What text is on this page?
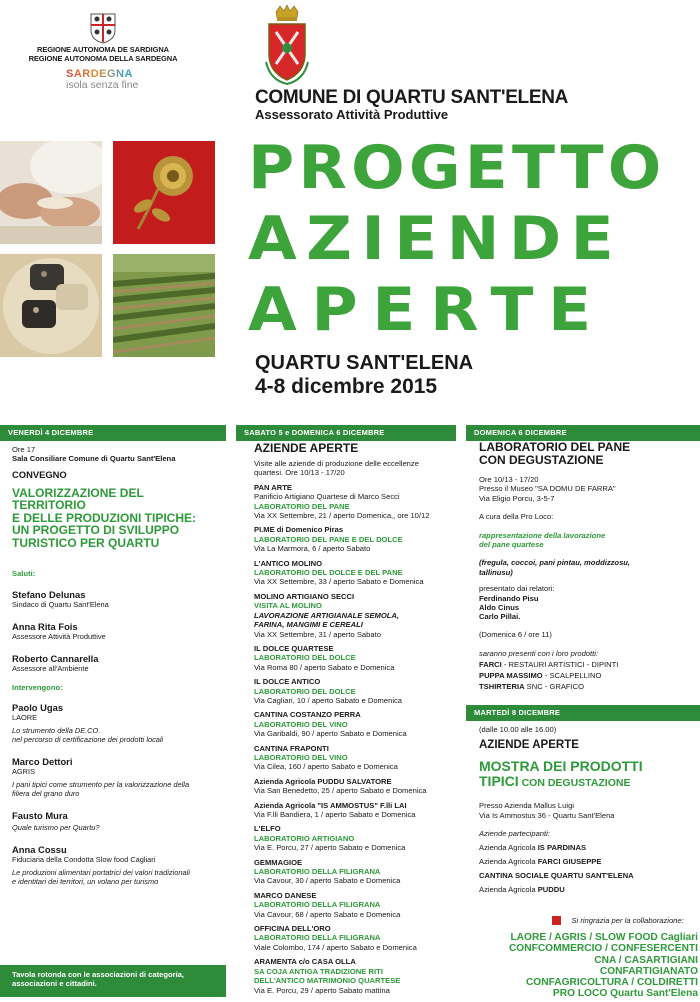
REGIONE AUTONOMA DE SARDIGNA
REGIONE AUTONOMA DELLA SARDEGNA
SARDEGNA
isola senza fine
COMUNE DI QUARTU SANT'ELENA
Assessorato Attività Produttive
PROGETTO
AZIENDE
APERTE
QUARTU SANT'ELENA
4-8 dicembre 2015
VENERDÌ 4 DICEMBRE
Ore 17
Sala Consiliare Comune di Quartu Sant'Elena
CONVEGNO
VALORIZZAZIONE DEL
TERRITORIO
E DELLE PRODUZIONI TIPICHE:
UN PROGETTO DI SVILUPPO
TURISTICO PER QUARTU
Saluti:
Stefano Delunas
Sindaco di Quartu Sant'Elena
Anna Rita Fois
Assessore Attività Produttive
Roberto Cannarella
Assessore all'Ambiente
Intervengono:
Paolo Ugas
LAORE
Lo strumento della DE.CO.
nel percorso di certificazione dei prodotti locali
Marco Dettori
AGRIS
I pani tipici come strumento per la valorizzazione della
filiera del grano duro
Fausto Mura
Quale turismo per Quartu?
Anna Cossu
Fiduciaria della Condotta Slow food Cagliari
Le produzioni alimentari portatrici dei valori tradizionali
e identitari dei territori, un volano per turismo
Tavola rotonda con le associazioni di categoria,
associazioni e cittadini.
SABATO 5 e DOMENICA 6 DICEMBRE
AZIENDE APERTE
Visite alle aziende di produzione delle eccellenze
quartesi. Ore 10/13 - 17/20
PAN ARTE
Panificio Artigiano Quartese di Marco Secci
LABORATORIO DEL PANE
Via XX Settembre, 21 / aperto Domenica,, ore 10/12
PI.ME di Domenico Piras
LABORATORIO DEL PANE E DEL DOLCE
Via La Marmora, 6 / aperto Sabato
L'ANTICO MOLINO
LABORATORIO DEL DOLCE E DEL PANE
Via XX Settembre, 33 / aperto Sabato e Domenica
MOLINO ARTIGIANO SECCI
VISITA AL MOLINO
LAVORAZIONE ARTIGIANALE SEMOLA,
FARINA, MANGIMI E CEREALI
Via XX Settembre, 31 / aperto Sabato
IL DOLCE QUARTESE
LABORATORIO DEL DOLCE
Via Roma 80 / aperto Sabato e Domenica
IL DOLCE ANTICO
LABORATORIO DEL DOLCE
Via Cagliari, 10 / aperto Sabato e Domenica
CANTINA COSTANZO PERRA
LABORATORIO DEL VINO
Via Garibaldi, 90 / aperto Sabato e Domenica
CANTINA FRAPONTI
LABORATORIO DEL VINO
Via Cilea, 160 / aperto Sabato e Domenica
Azienda Agricola PUDDU SALVATORE
Via San Benedetto, 25 / aperto Sabato e Domenica
Azienda Agricola "IS AMMOSTUS" F.lli LAI
Via F.lli Bandiera, 1 / aperto Sabato e Domenica
L'ELFO
LABORATORIO ARTIGIANO
Via E. Porcu, 27 / aperto Sabato e Domenica
GEMMAGIOE
LABORATORIO DELLA FILIGRANA
Via Cavour, 30 / aperto Sabato e Domenica
MARCO DANESE
LABORATORIO DELLA FILIGRANA
Via Cavour, 68 / aperto Sabato e Domenica
OFFICINA DELL'ORO
LABORATORIO DELLA FILIGRANA
Viale Colombo, 174 / aperto Sabato e Domenica
ARAMENTA c/o CASA OLLA
SA COJA ANTIGA TRADIZIONE RITI
DELL'ANTICO MATRIMONIO QUARTESE
Via E. Porcu, 29 / aperto Sabato mattina
DOMENICA 6 DICEMBRE
LABORATORIO DEL PANE
CON DEGUSTAZIONE
Ore 10/13 - 17/20
Presso il Museo "SA DOMU DE FARRA"
Via Eligio Porcu, 3-5-7
A cura della Pro Loco:
rappresentazione della lavorazione
del pane quartese
(fregula, coccoi, pani pintau, moddizzosu,
tallinusu)
presentato dai relatori:
Ferdinando Pisu
Aldo Cinus
Carlo Pillai.
(Domenica 6 / ore 11)
saranno presenti con i loro prodotti:
FARCI - RESTAURI ARTISTICI - DIPINTI
PUPPA MASSIMO - SCALPELLINO
TSHIRTERIA SNC - GRAFICO
MARTEDÌ 8 DICEMBRE
(dalle 10.00 alle 16.00)
AZIENDE APERTE
MOSTRA DEI PRODOTTI
TIPICI CON DEGUSTAZIONE
Presso Azienda Mallus Luigi
Via Is Ammostus 36 - Quartu Sant'Elena
Aziende partecipanti:
Azienda Agricola IS PARDINAS
Azienda Agricola FARCI GIUSEPPE
CANTINA SOCIALE QUARTU SANT'ELENA
Azienda Agricola PUDDU
Si ringrazia per la collaborazione:
LAORE / AGRIS / SLOW FOOD Cagliari
CONFCOMMERCIO / CONFESERCENTI
CNA / CASARTIGIANI
CONFARTIGIANATO
CONFAGRICOLTURA / COLDIRETTI
PRO LOCO Quartu Sant'Elena
